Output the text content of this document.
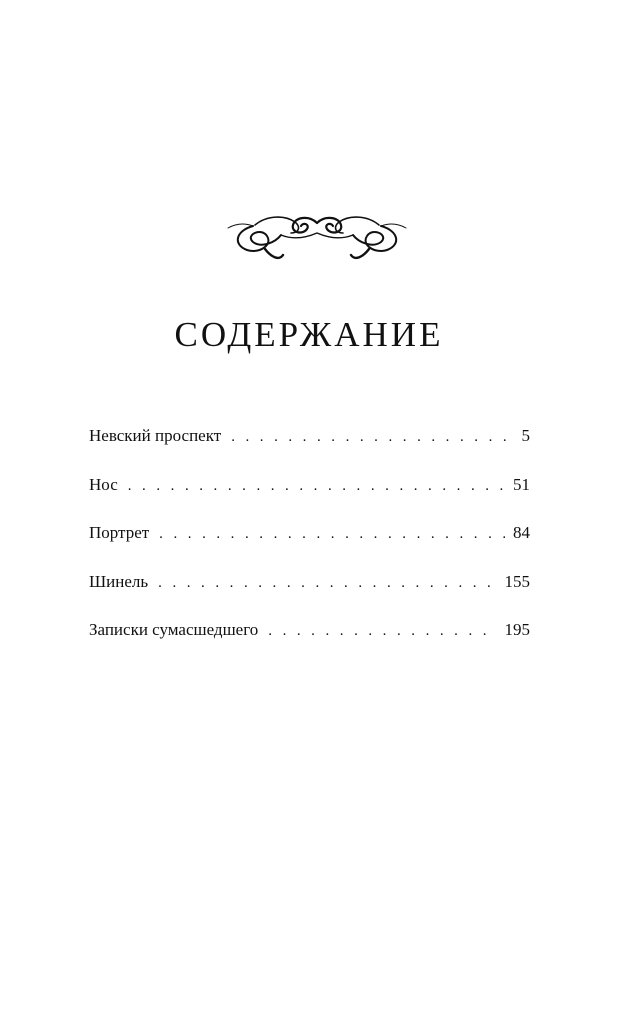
СОДЕРЖАНИЕ
Невский проспект . . .	5
Нос . . .	51
Портрет . . .	84
Шинель . . .	155
Записки сумасшедшего . . .	195
